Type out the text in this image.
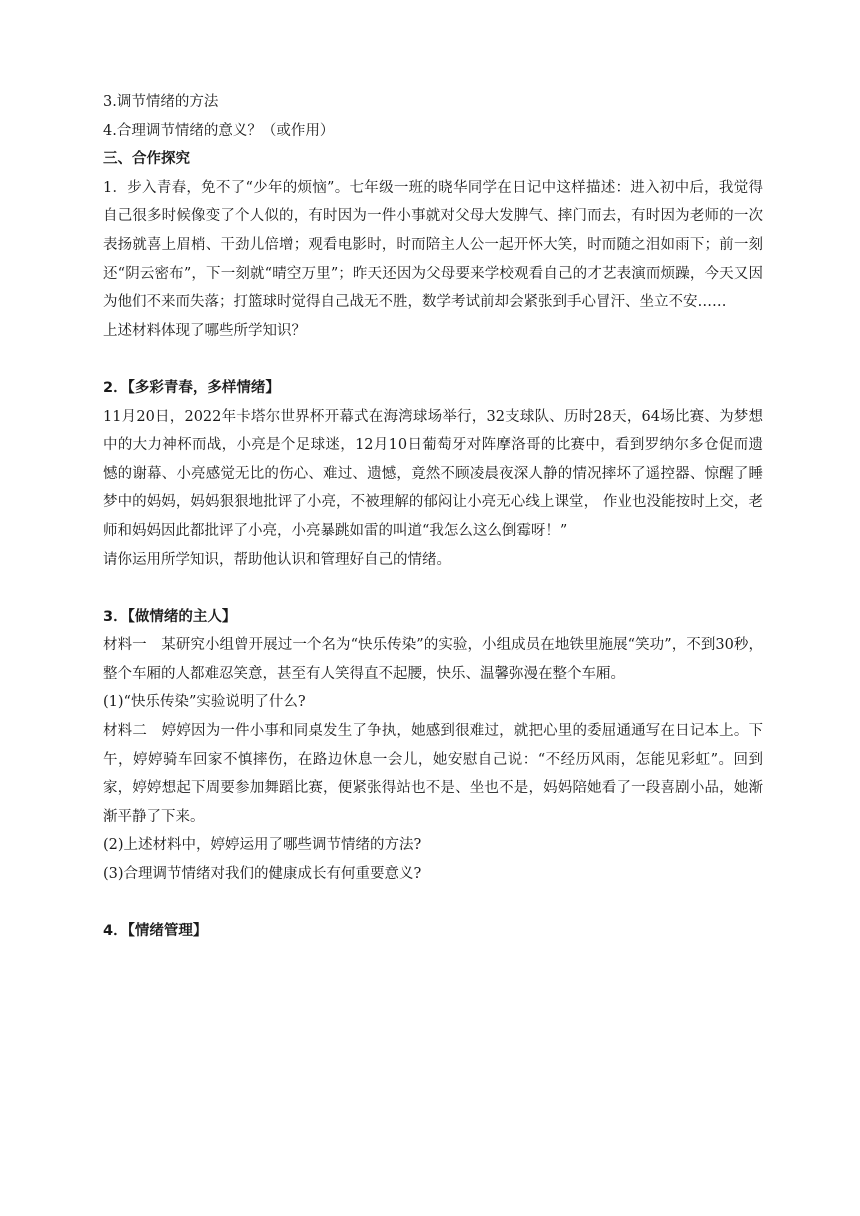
3.调节情绪的方法
4.合理调节情绪的意义？（或作用）
三、合作探究
1．步入青春，免不了“少年的烦恼”。七年级一班的晓华同学在日记中这样描述：进入初中后，我觉得自己很多时候像变了个人似的，有时因为一件小事就对父母大发脾气、摔门而去，有时因为老师的一次表扬就喜上眉梢、干劲儿倍增；观看电影时，时而陪主人公一起开怀大笑，时而随之泪如雨下；前一刻还“阴云密布”，下一刻就“晴空万里”；昨天还因为父母要来学校观看自己的才艺表演而烦躁，今天又因为他们不来而失落；打篮球时觉得自己战无不胜，数学考试前却会紧张到手心冒汗、坐立不安……
上述材料体现了哪些所学知识？
2．【多彩青春，多样情绪】
11月20日，2022年卡塔尔世界杯开幕式在海湾球场举行，32支球队、历时28天，64场比赛、为梦想中的大力神杯而战，小亮是个足球迷，12月10日葡萄牙对阵摩洛哥的比赛中，看到罗纳尔多仓促而遗憾的谢幕、小亮感觉无比的伤心、难过、遗憾，竟然不顾凌晨夜深人静的情况摔坏了遥控器、惊醒了睡梦中的妈妈，妈妈狠狠地批评了小亮，不被理解的郁闷让小亮无心线上课堂， 作业也没能按时上交，老师和妈妈因此都批评了小亮，小亮暴跳如雷的叫道“我怎么这么倒霉呀！”
请你运用所学知识，帮助他认识和管理好自己的情绪。
3．【做情绪的主人】
材料一　某研究小组曾开展过一个名为“快乐传染”的实验，小组成员在地铁里施展“笑功”，不到30秒，整个车厢的人都难忍笑意，甚至有人笑得直不起腰，快乐、温馨弥漫在整个车厢。
(1)“快乐传染”实验说明了什么?
材料二　婷婷因为一件小事和同桌发生了争执，她感到很难过，就把心里的委屈通通写在日记本上。下午，婷婷骑车回家不慎摔伤，在路边休息一会儿，她安慰自己说：“不经历风雨，怎能见彩虹”。回到家，婷婷想起下周要参加舞蹈比赛，便紧张得站也不是、坐也不是，妈妈陪她看了一段喜剧小品，她渐渐平静了下来。
(2)上述材料中，婷婷运用了哪些调节情绪的方法?
(3)合理调节情绪对我们的健康成长有何重要意义?
4．【情绪管理】
